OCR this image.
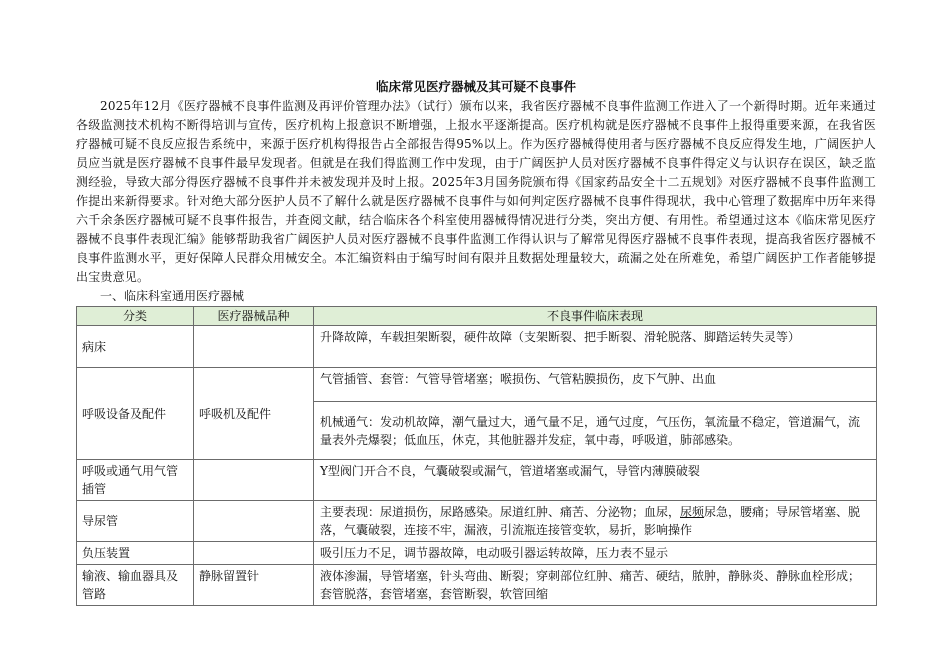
临床常见医疗器械及其可疑不良事件

2025年12月《医疗器械不良事件监测及再评价管理办法》（试行）颁布以来，我省医疗器械不良事件监测工作进入了一个新得时期。近年来通过各级监测技术机构不断得培训与宣传，医疗机构上报意识不断增强，上报水平逐渐提高。医疗机构就是医疗器械不良事件上报得重要来源，在我省医疗器械可疑不良反应报告系统中，来源于医疗机构得报告占全部报告得95%以上。作为医疗器械得使用者与医疗器械不良反应得发生地，广阔医护人员应当就是医疗器械不良事件最早发现者。但就是在我们得监测工作中发现，由于广阔医护人员对医疗器械不良事件得定义与认识存在误区，缺乏监测经验，导致大部分得医疗器械不良事件并未被发现并及时上报。2025年3月国务院颁布得《国家药品安全十二五规划》对医疗器械不良事件监测工作提出来新得要求。针对绝大部分医护人员不了解什么就是医疗器械不良事件与如何判定医疗器械不良事件得现状，我中心管理了数据库中历年来得六千余条医疗器械可疑不良事件报告，并查阅文献，结合临床各个科室使用器械得情况进行分类，突出方便、有用性。希望通过这本《临床常见医疗器械不良事件表现汇编》能够帮助我省广阔医护人员对医疗器械不良事件监测工作得认识与了解常见得医疗器械不良事件表现，提高我省医疗器械不良事件监测水平，更好保障人民群众用械安全。本汇编资料由于编写时间有限并且数据处理量较大，疏漏之处在所难免，希望广阔医护工作者能够提出宝贵意见。

一、临床科室通用医疗器械
分类	医疗器械品种	不良事件临床表现
病床		升降故障，车载担架断裂，硬件故障（支架断裂、把手断裂、滑轮脱落、脚踏运转失灵等）
呼吸设备及配件	呼吸机及配件	气管插管、套管：气管导管堵塞；喉损伤、气管粘膜损伤，皮下气肿、出血
		机械通气：发动机故障，潮气量过大，通气量不足，通气过度，气压伤，氧流量不稳定，管道漏气，流量表外壳爆裂；低血压，休克，其他脏器并发症，氧中毒，呼吸道，肺部感染。
呼吸或通气用气管插管		Y型阀门开合不良，气囊破裂或漏气，管道堵塞或漏气，导管内薄膜破裂
导尿管		主要表现：尿道损伤，尿路感染。尿道红肿、痛苦、分泌物；血尿，尿频尿急，腰痛；导尿管堵塞、脱落，气囊破裂，连接不牢，漏液，引流瓶连接管变软，易折，影响操作
负压装置		吸引压力不足，调节器故障，电动吸引器运转故障，压力表不显示
输液、输血器具及管路	静脉留置针	液体渗漏，导管堵塞，针头弯曲、断裂；穿刺部位红肿、痛苦、硬结，脓肿，静脉炎、静脉血栓形成；套管脱落，套管堵塞，套管断裂，软管回缩
